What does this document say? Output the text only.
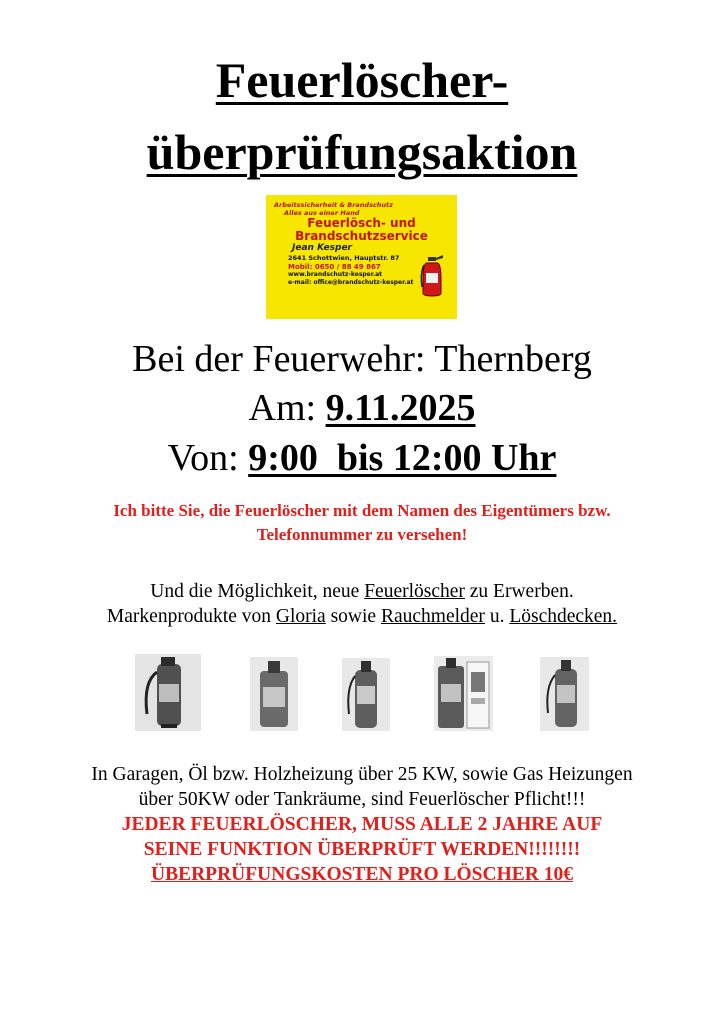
Feuerlöscher-
überprüfungsaktion
Arbeitssicherheit & Brandschutz
Alles aus einer Hand
Feuerlösch- und
Brandschutzservice
Jean Kesper
2641 Schottwien, Hauptstr. 87
Mobil: 0650 / 88 49 867
www.brandschutz-kesper.at
e-mail: office@brandschutz-kesper.at
Bei der Feuerwehr: Thernberg
Am: 9.11.2025
Von: 9:00  bis 12:00 Uhr
Ich bitte Sie, die Feuerlöscher mit dem Namen des Eigentümers bzw.
Telefonnummer zu versehen!
Und die Möglichkeit, neue Feuerlöscher zu Erwerben.
Markenprodukte von Gloria sowie Rauchmelder u. Löschdecken.
In Garagen, Öl bzw. Holzheizung über 25 KW, sowie Gas Heizungen
über 50KW oder Tankräume, sind Feuerlöscher Pflicht!!!
JEDER FEUERLÖSCHER, MUSS ALLE 2 JAHRE AUF
SEINE FUNKTION ÜBERPRÜFT WERDEN!!!!!!!!
ÜBERPRÜFUNGSKOSTEN PRO LÖSCHER 10€
